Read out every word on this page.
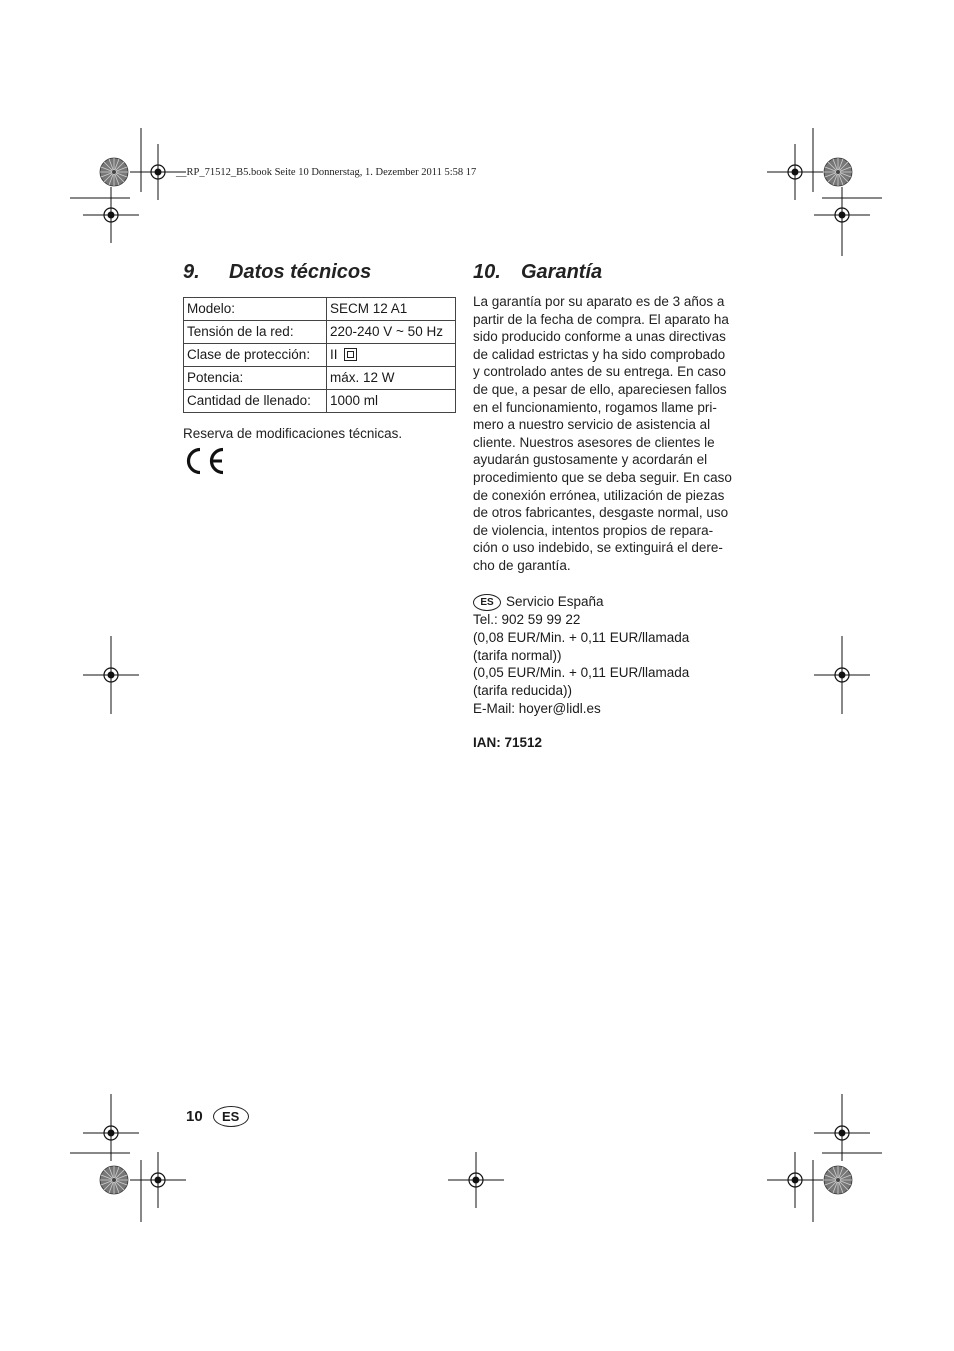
__RP_71512_B5.book Seite 10 Donnerstag, 1. Dezember 2011 5:58 17
9. Datos técnicos
Modelo:	SECM 12 A1
Tensión de la red:	220-240 V ~ 50 Hz
Clase de protección:	II
Potencia:	máx. 12 W
Cantidad de llenado:	1000 ml
Reserva de modificaciones técnicas.
10. Garantía
La garantía por su aparato es de 3 años a
partir de la fecha de compra. El aparato ha
sido producido conforme a unas directivas
de calidad estrictas y ha sido comprobado
y controlado antes de su entrega. En caso
de que, a pesar de ello, apareciesen fallos
en el funcionamiento, rogamos llame pri-
mero a nuestro servicio de asistencia al
cliente. Nuestros asesores de clientes le
ayudarán gustosamente y acordarán el
procedimiento que se deba seguir. En caso
de conexión errónea, utilización de piezas
de otros fabricantes, desgaste normal, uso
de violencia, intentos propios de repara-
ción o uso indebido, se extinguirá el dere-
cho de garantía.
ES Servicio España
Tel.: 902 59 99 22
(0,08 EUR/Min. + 0,11 EUR/llamada
(tarifa normal))
(0,05 EUR/Min. + 0,11 EUR/llamada
(tarifa reducida))
E-Mail: hoyer@lidl.es
IAN: 71512
10	ES
